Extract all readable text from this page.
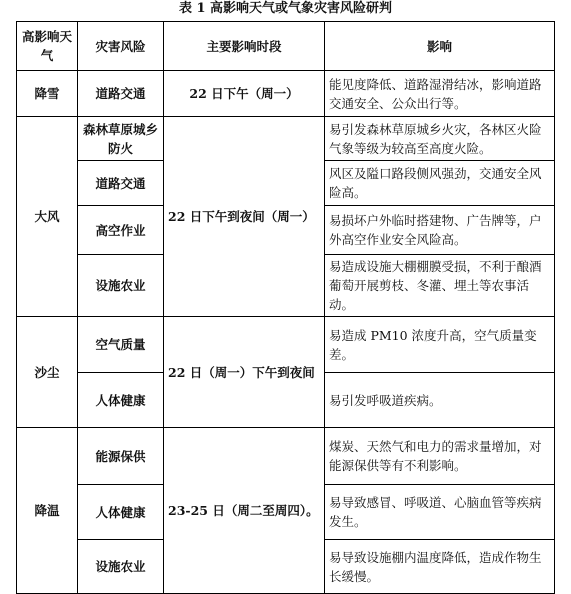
表 1 高影响天气或气象灾害风险研判
高影响天气	灾害风险	主要影响时段	影响
降雪	道路交通	22 日下午（周一）	能见度降低、道路湿滑结冰，影响道路交通安全、公众出行等。
大风	森林草原城乡防火	22 日下午到夜间（周一）	易引发森林草原城乡火灾，各林区火险气象等级为较高至高度火险。
	道路交通		风区及隘口路段侧风强劲，交通安全风险高。
	高空作业		易损坏户外临时搭建物、广告牌等，户外高空作业安全风险高。
	设施农业		易造成设施大棚棚膜受损，不利于酿酒葡萄开展剪枝、冬灌、埋土等农事活动。
沙尘	空气质量	22 日（周一）下午到夜间	易造成 PM10 浓度升高，空气质量变差。
	人体健康		易引发呼吸道疾病。
降温	能源保供	23-25 日（周二至周四）。	煤炭、天然气和电力的需求量增加，对能源保供等有不利影响。
	人体健康		易导致感冒、呼吸道、心脑血管等疾病发生。
	设施农业		易导致设施棚内温度降低，造成作物生长缓慢。
